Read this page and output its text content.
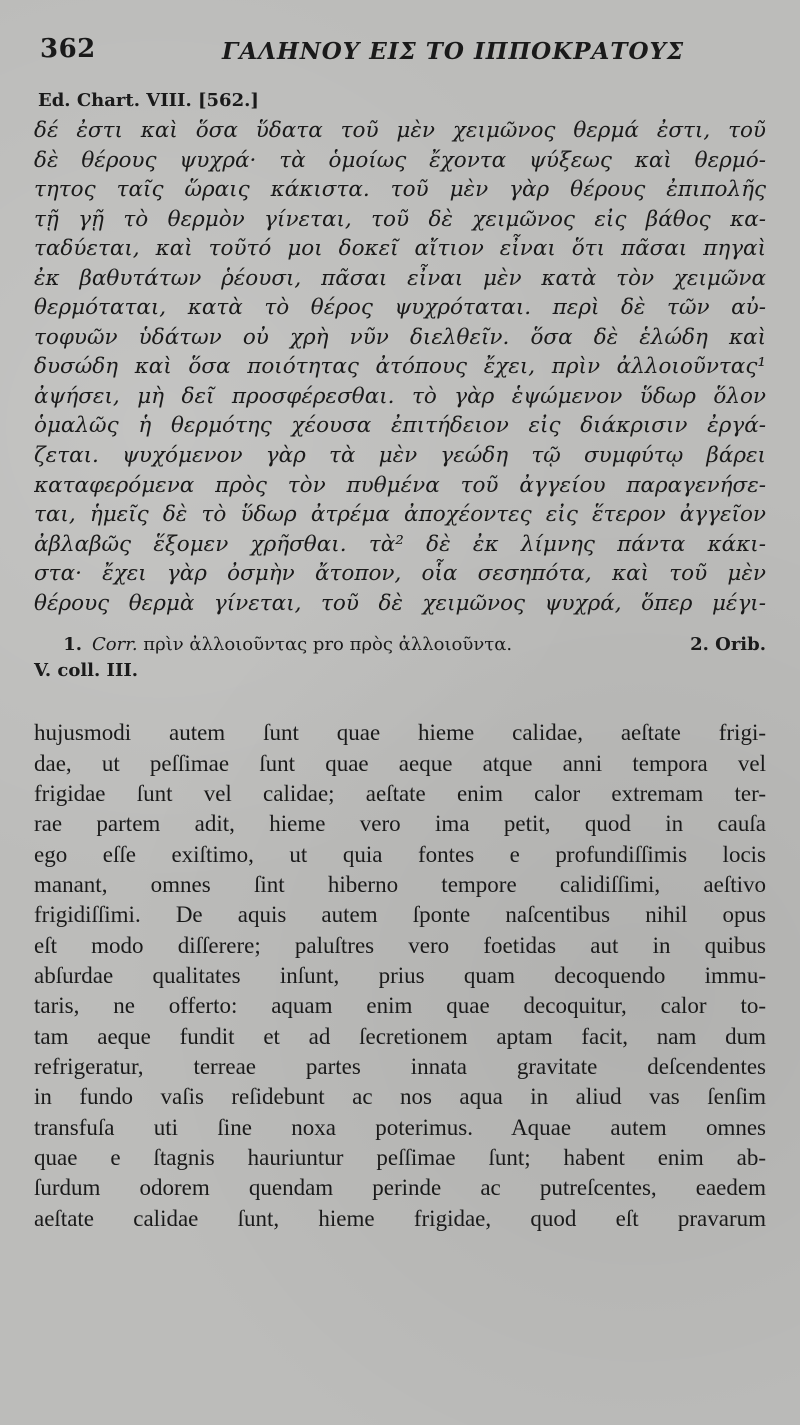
362	ΓΑΛΗΝΟΥ ΕΙΣ ΤΟ ΙΠΠΟΚΡΑΤΟΥΣ
Ed. Chart. VIII. [562.]
δέ ἐστι καὶ ὅσα ὕδατα τοῦ μὲν χειμῶνος θερμά ἐστι, τοῦ
δὲ θέρους ψυχρά· τὰ ὁμοίως ἔχοντα ψύξεως καὶ θερμό-
τητος ταῖς ὥραις κάκιστα. τοῦ μὲν γὰρ θέρους ἐπιπολῆς
τῇ γῇ τὸ θερμὸν γίνεται, τοῦ δὲ χειμῶνος εἰς βάθος κα-
ταδύεται, καὶ τοῦτό μοι δοκεῖ αἴτιον εἶναι ὅτι πᾶσαι πηγαὶ
ἐκ βαθυτάτων ῥέουσι, πᾶσαι εἶναι μὲν κατὰ τὸν χειμῶνα
θερμόταται, κατὰ τὸ θέρος ψυχρόταται. περὶ δὲ τῶν αὐ-
τοφυῶν ὑδάτων οὐ χρὴ νῦν διελθεῖν. ὅσα δὲ ἑλώδη καὶ
δυσώδη καὶ ὅσα ποιότητας ἀτόπους ἔχει, πρὶν ἀλλοιοῦντας¹
ἀψήσει, μὴ δεῖ προσφέρεσθαι. τὸ γὰρ ἑψώμενον ὕδωρ ὅλον
ὁμαλῶς ἡ θερμότης χέουσα ἐπιτήδειον εἰς διάκρισιν ἐργά-
ζεται. ψυχόμενον γὰρ τὰ μὲν γεώδη τῷ συμφύτῳ βάρει
καταφερόμενα πρὸς τὸν πυθμένα τοῦ ἀγγείου παραγενήσε-
ται, ἡμεῖς δὲ τὸ ὕδωρ ἀτρέμα ἀποχέοντες εἰς ἕτερον ἀγγεῖον
ἀβλαβῶς ἕξομεν χρῆσθαι. τὰ² δὲ ἐκ λίμνης πάντα κάκι-
στα· ἔχει γὰρ ὀσμὴν ἄτοπον, οἷα σεσηπότα, καὶ τοῦ μὲν
θέρους θερμὰ γίνεται, τοῦ δὲ χειμῶνος ψυχρά, ὅπερ μέγι-
1. Corr. πρὶν ἀλλοιοῦντας pro πρὸς ἀλλοιοῦντα.	2. Orib.
V. coll. III.
hujusmodi autem ſunt quae hieme calidae, aeſtate frigi-
dae, ut peſſimae ſunt quae aeque atque anni tempora vel
frigidae ſunt vel calidae; aeſtate enim calor extremam ter-
rae partem adit, hieme vero ima petit, quod in cauſa
ego eſſe exiſtimo, ut quia fontes e profundiſſimis locis
manant, omnes ſint hiberno tempore calidiſſimi, aeſtivo
frigidiſſimi. De aquis autem ſponte naſcentibus nihil opus
eſt modo diſſerere; paluſtres vero foetidas aut in quibus
abſurdae qualitates inſunt, prius quam decoquendo immu-
taris, ne offerto: aquam enim quae decoquitur, calor to-
tam aeque fundit et ad ſecretionem aptam facit, nam dum
refrigeratur, terreae partes innata gravitate deſcendentes
in fundo vaſis reſidebunt ac nos aqua in aliud vas ſenſim
transfuſa uti ſine noxa poterimus. Aquae autem omnes
quae e ſtagnis hauriuntur peſſimae ſunt; habent enim ab-
ſurdum odorem quendam perinde ac putreſcentes, eaedem
aeſtate calidae ſunt, hieme frigidae, quod eſt pravarum
